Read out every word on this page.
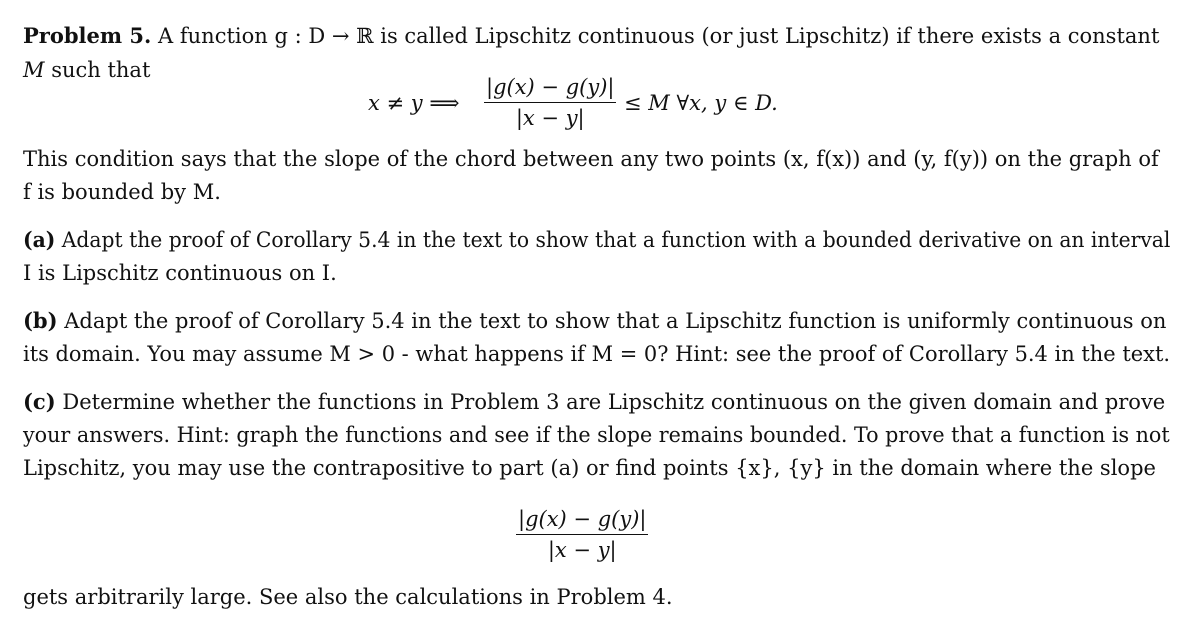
Problem 5. A function g : D → ℝ is called Lipschitz continuous (or just Lipschitz) if there exists a constant
M such that
x ≠ y ⟹ $\frac{|g(x) - g(y)|}{|x - y|} \le M$ ∀x, y ∈ D.
This condition says that the slope of the chord between any two points (x, f(x)) and (y, f(y)) on the graph of
f is bounded by M.
(a) Adapt the proof of Corollary 5.4 in the text to show that a function with a bounded derivative on an interval
I is Lipschitz continuous on I.
(b) Adapt the proof of Corollary 5.4 in the text to show that a Lipschitz function is uniformly continuous on
its domain. You may assume M > 0 - what happens if M = 0? Hint: see the proof of Corollary 5.4 in the text.
(c) Determine whether the functions in Problem 3 are Lipschitz continuous on the given domain and prove
your answers. Hint: graph the functions and see if the slope remains bounded. To prove that a function is not
Lipschitz, you may use the contrapositive to part (a) or find points {x}, {y} in the domain where the slope
$\frac{|g(x) - g(y)|}{|x - y|}$
gets arbitrarily large. See also the calculations in Problem 4.
